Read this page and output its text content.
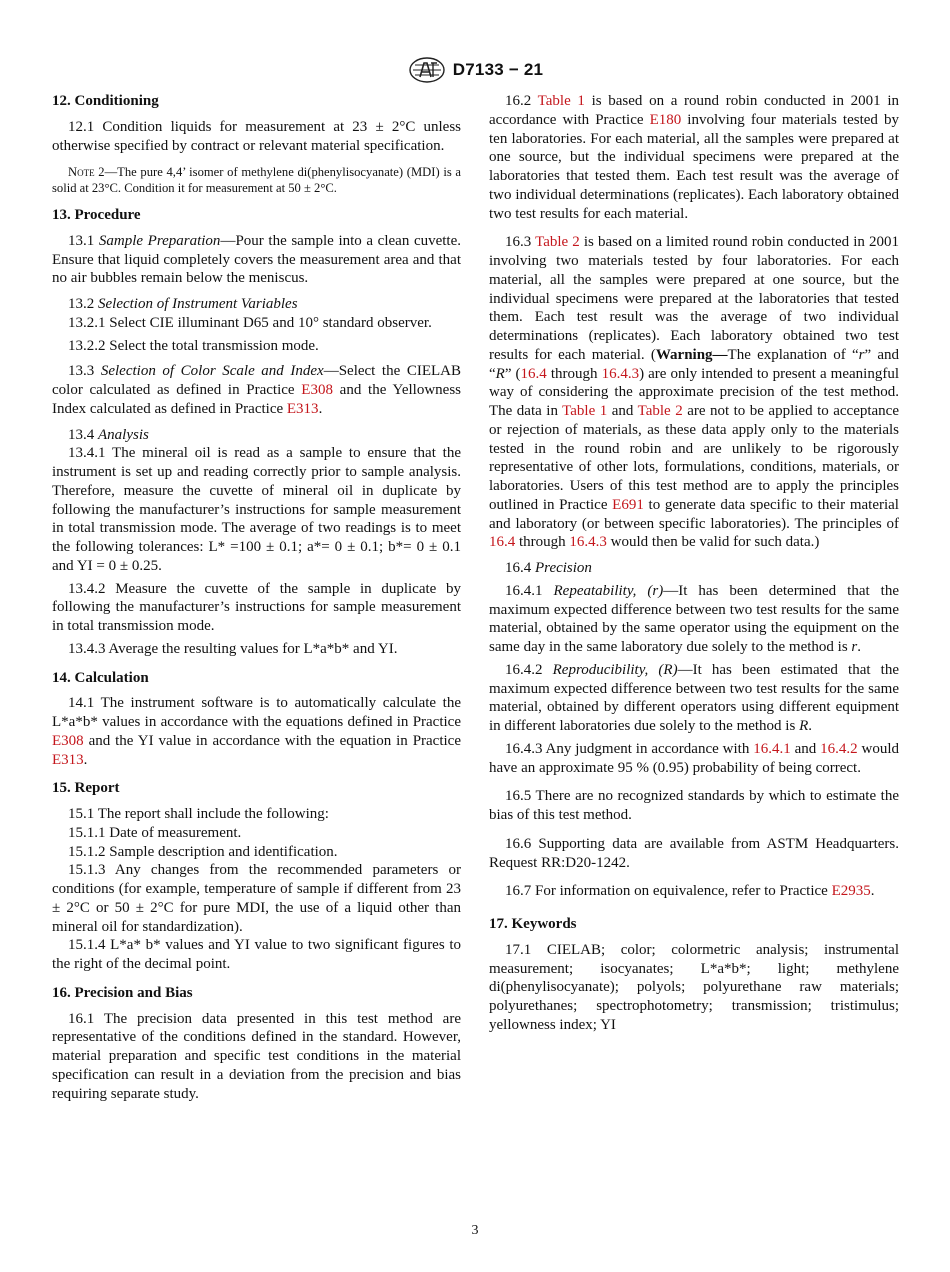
D7133 − 21
12. Conditioning

12.1 Condition liquids for measurement at 23 ± 2°C unless otherwise specified by contract or relevant material specification.

Note 2—The pure 4,4’ isomer of methylene di(phenylisocyanate) (MDI) is a solid at 23°C. Condition it for measurement at 50 ± 2°C.

13. Procedure

13.1 Sample Preparation—Pour the sample into a clean cuvette. Ensure that liquid completely covers the measurement area and that no air bubbles remain below the meniscus.

13.2 Selection of Instrument Variables

13.2.1 Select CIE illuminant D65 and 10° standard observer.

13.2.2 Select the total transmission mode.

13.3 Selection of Color Scale and Index—Select the CIELAB color calculated as defined in Practice E308 and the Yellowness Index calculated as defined in Practice E313.

13.4 Analysis

13.4.1 The mineral oil is read as a sample to ensure that the instrument is set up and reading correctly prior to sample analysis. Therefore, measure the cuvette of mineral oil in duplicate by following the manufacturer’s instructions for sample measurement in total transmission mode. The average of two readings is to meet the following tolerances: L* =100 ± 0.1; a*= 0 ± 0.1; b*= 0 ± 0.1 and YI = 0 ± 0.25.

13.4.2 Measure the cuvette of the sample in duplicate by following the manufacturer’s instructions for sample measurement in total transmission mode.

13.4.3 Average the resulting values for L*a*b* and YI.

14. Calculation

14.1 The instrument software is to automatically calculate the L*a*b* values in accordance with the equations defined in Practice E308 and the YI value in accordance with the equation in Practice E313.

15. Report

15.1 The report shall include the following:

15.1.1 Date of measurement.

15.1.2 Sample description and identification.

15.1.3 Any changes from the recommended parameters or conditions (for example, temperature of sample if different from 23 ± 2°C or 50 ± 2°C for pure MDI, the use of a liquid other than mineral oil for standardization).

15.1.4 L*a* b* values and YI value to two significant figures to the right of the decimal point.

16. Precision and Bias

16.1 The precision data presented in this test method are representative of the conditions defined in the standard. However, material preparation and specific test conditions in the material specification can result in a deviation from the precision and bias requiring separate study.

16.2 Table 1 is based on a round robin conducted in 2001 in accordance with Practice E180 involving four materials tested by ten laboratories. For each material, all the samples were prepared at one source, but the individual specimens were prepared at the laboratories that tested them. Each test result was the average of two individual determinations (replicates). Each laboratory obtained two test results for each material.

16.3 Table 2 is based on a limited round robin conducted in 2001 involving two materials tested by four laboratories. For each material, all the samples were prepared at one source, but the individual specimens were prepared at the laboratories that tested them. Each test result was the average of two individual determinations (replicates). Each laboratory obtained two test results for each material. (Warning—The explanation of “r” and “R” (16.4 through 16.4.3) are only intended to present a meaningful way of considering the approximate precision of the test method. The data in Table 1 and Table 2 are not to be applied to acceptance or rejection of materials, as these data apply only to the materials tested in the round robin and are unlikely to be rigorously representative of other lots, formulations, conditions, materials, or laboratories. Users of this test method are to apply the principles outlined in Practice E691 to generate data specific to their material and laboratory (or between specific laboratories). The principles of 16.4 through 16.4.3 would then be valid for such data.)

16.4 Precision

16.4.1 Repeatability, (r)—It has been determined that the maximum expected difference between two test results for the same material, obtained by the same operator using the equipment on the same day in the same laboratory due solely to the method is r.

16.4.2 Reproducibility, (R)—It has been estimated that the maximum expected difference between two test results for the same material, obtained by different operators using different equipment in different laboratories due solely to the method is R.

16.4.3 Any judgment in accordance with 16.4.1 and 16.4.2 would have an approximate 95 % (0.95) probability of being correct.

16.5 There are no recognized standards by which to estimate the bias of this test method.

16.6 Supporting data are available from ASTM Headquarters. Request RR:D20-1242.

16.7 For information on equivalence, refer to Practice E2935.

17. Keywords

17.1 CIELAB; color; colormetric analysis; instrumental measurement; isocyanates; L*a*b*; light; methylene di(phenylisocyanate); polyols; polyurethane raw materials; polyurethanes; spectrophotometry; transmission; tristimulus; yellowness index; YI

3
